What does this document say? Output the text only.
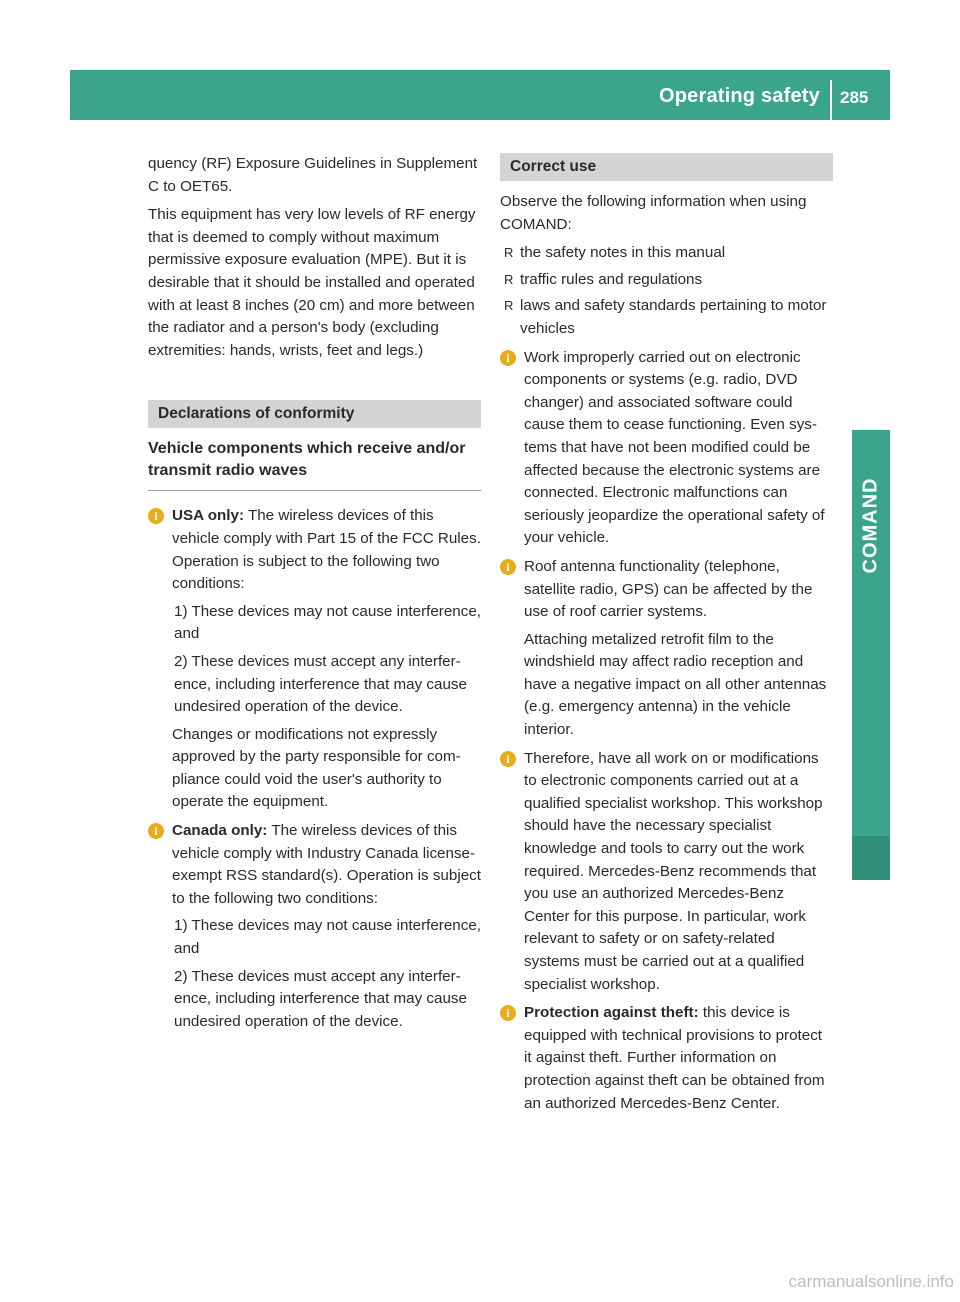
Operating safety 285
COMAND

quency (RF) Exposure Guidelines in Supplement C to OET65.

This equipment has very low levels of RF energy that is deemed to comply without maximum permissive exposure evaluation (MPE). But it is desirable that it should be installed and operated with at least 8 inches (20 cm) and more between the radiator and a person's body (excluding extremities: hands, wrists, feet and legs.)

Declarations of conformity
Vehicle components which receive and/or transmit radio waves
i USA only: The wireless devices of this vehicle comply with Part 15 of the FCC Rules. Operation is subject to the following two conditions:

1) These devices may not cause interference, and

2) These devices must accept any interference, including interference that may cause undesired operation of the device.

Changes or modifications not expressly approved by the party responsible for compliance could void the user's authority to operate the equipment.

i Canada only: The wireless devices of this vehicle comply with Industry Canada license-exempt RSS standard(s). Operation is subject to the following two conditions:

1) These devices may not cause interference, and

2) These devices must accept any interference, including interference that may cause undesired operation of the device.

Correct use

Observe the following information when using COMAND:

R the safety notes in this manual
R traffic rules and regulations
R laws and safety standards pertaining to motor vehicles
i Work improperly carried out on electronic components or systems (e.g. radio, DVD changer) and associated software could cause them to cease functioning. Even systems that have not been modified could be affected because the electronic systems are connected. Electronic malfunctions can seriously jeopardize the operational safety of your vehicle.

i Roof antenna functionality (telephone, satellite radio, GPS) can be affected by the use of roof carrier systems.

Attaching metalized retrofit film to the windshield may affect radio reception and have a negative impact on all other antennas (e.g. emergency antenna) in the vehicle interior.

i Therefore, have all work on or modifications to electronic components carried out at a qualified specialist workshop. This workshop should have the necessary specialist knowledge and tools to carry out the work required. Mercedes-Benz recommends that you use an authorized Mercedes-Benz Center for this purpose. In particular, work relevant to safety or on safety-related systems must be carried out at a qualified specialist workshop.

i Protection against theft: this device is equipped with technical provisions to protect it against theft. Further information on protection against theft can be obtained from an authorized Mercedes-Benz Center.

carmanualsonline.info
